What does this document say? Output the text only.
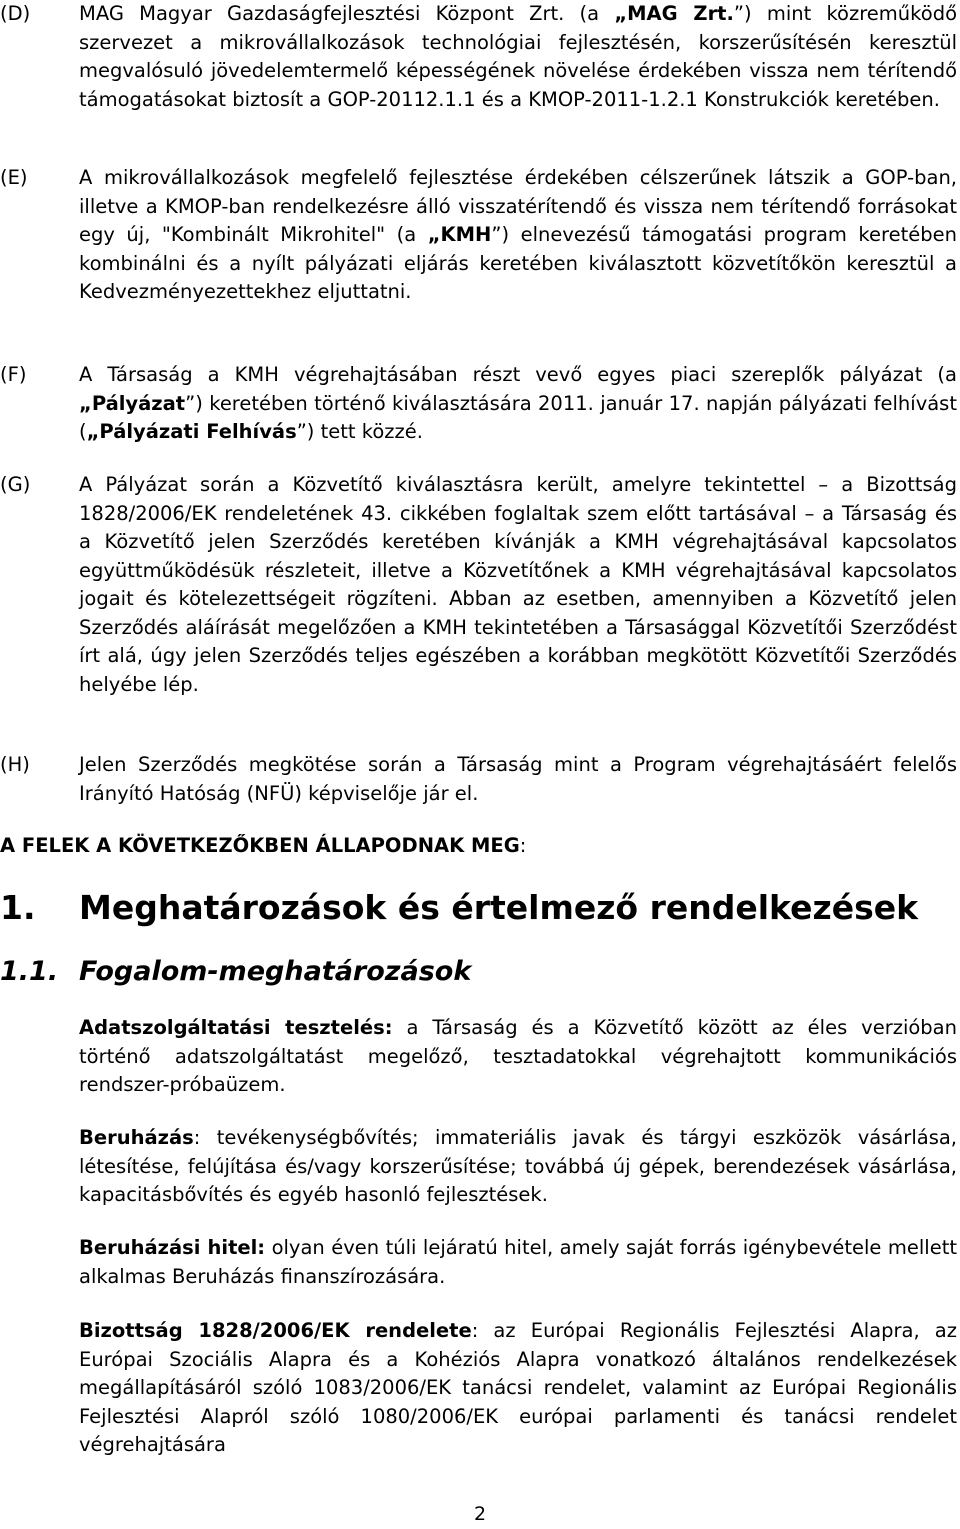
(D)	MAG Magyar Gazdaságfejlesztési Központ Zrt. (a „MAG Zrt.”) mint közreműködő szervezet a mikrovállalkozások technológiai fejlesztésén, korszerűsítésén keresztül megvalósuló jövedelemtermelő képességének növelése érdekében vissza nem térítendő támogatásokat biztosít a GOP-20112.1.1 és a KMOP-2011-1.2.1 Konstrukciók keretében.
(E)	A mikrovállalkozások megfelelő fejlesztése érdekében célszerűnek látszik a GOP-ban, illetve a KMOP-ban rendelkezésre álló visszatérítendő és vissza nem térítendő forrásokat egy új, "Kombinált Mikrohitel" (a „KMH”) elnevezésű támogatási program keretében kombinálni és a nyílt pályázati eljárás keretében kiválasztott közvetítőkön keresztül a Kedvezményezettekhez eljuttatni.
(F)	A Társaság a KMH végrehajtásában részt vevő egyes piaci szereplők pályázat (a „Pályázat”) keretében történő kiválasztására 2011. január 17. napján pályázati felhívást („Pályázati Felhívás”) tett közzé.
(G) A Pályázat során a Közvetítő kiválasztásra került, amelyre tekintettel – a Bizottság 1828/2006/EK rendeletének 43. cikkében foglaltak szem előtt tartásával – a Társaság és a Közvetítő jelen Szerződés keretében kívánják a KMH végrehajtásával kapcsolatos együttműködésük részleteit, illetve a Közvetítőnek a KMH végrehajtásával kapcsolatos jogait és kötelezettségeit rögzíteni. Abban az esetben, amennyiben a Közvetítő jelen Szerződés aláírását megelőzően a KMH tekintetében a Társasággal Közvetítői Szerződést írt alá, úgy jelen Szerződés teljes egészében a korábban megkötött Közvetítői Szerződés helyébe lép.
(H)	Jelen Szerződés megkötése során a Társaság mint a Program végrehajtásáért felelős Irányító Hatóság (NFÜ) képviselője jár el.
A FELEK A KÖVETKEZŐKBEN ÁLLAPODNAK MEG:
1. Meghatározások és értelmező rendelkezések
1.1. Fogalom-meghatározások
Adatszolgáltatási tesztelés: a Társaság és a Közvetítő között az éles verzióban történő adatszolgáltatást megelőző, tesztadatokkal végrehajtott kommunikációs rendszer-próbaüzem.
Beruházás: tevékenységbővítés; immateriális javak és tárgyi eszközök vásárlása, létesítése, felújítása és/vagy korszerűsítése; továbbá új gépek, berendezések vásárlása, kapacitásbővítés és egyéb hasonló fejlesztések.
Beruházási hitel: olyan éven túli lejáratú hitel, amely saját forrás igénybevétele mellett alkalmas Beruházás finanszírozására.
Bizottság 1828/2006/EK rendelete: az Európai Regionális Fejlesztési Alapra, az Európai Szociális Alapra és a Kohéziós Alapra vonatkozó általános rendelkezések megállapításáról szóló 1083/2006/EK tanácsi rendelet, valamint az Európai Regionális Fejlesztési Alapról szóló 1080/2006/EK európai parlamenti és tanácsi rendelet végrehajtására
2
